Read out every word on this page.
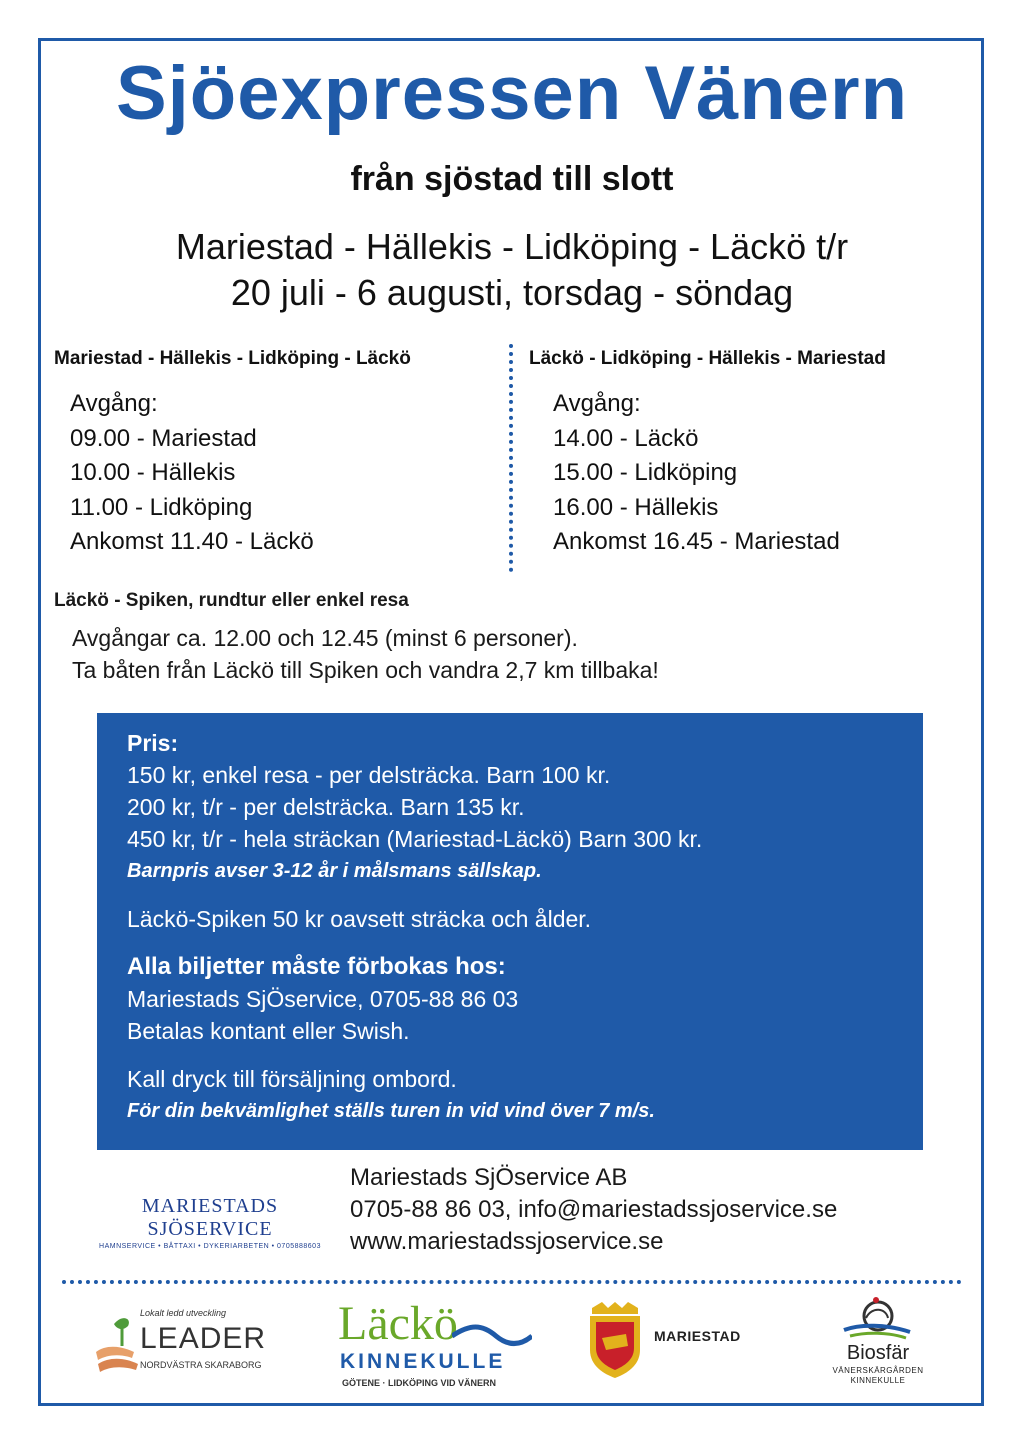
Sjöexpressen Vänern
från sjöstad till slott
Mariestad - Hällekis - Lidköping - Läckö t/r
20 juli - 6 augusti, torsdag - söndag
Mariestad - Hällekis - Lidköping - Läckö
Avgång:
09.00 - Mariestad
10.00 - Hällekis
11.00 - Lidköping
Ankomst 11.40 - Läckö
Läckö - Lidköping - Hällekis - Mariestad
Avgång:
14.00 - Läckö
15.00 - Lidköping
16.00 - Hällekis
Ankomst 16.45 - Mariestad
Läckö - Spiken, rundtur eller enkel resa
Avgångar ca. 12.00 och 12.45 (minst 6 personer).
Ta båten från Läckö till Spiken och vandra 2,7 km tillbaka!
Pris:
150 kr, enkel resa - per delsträcka. Barn 100 kr.
200 kr, t/r - per delsträcka. Barn 135 kr.
450 kr, t/r - hela sträckan (Mariestad-Läckö) Barn 300 kr.
Barnpris avser 3-12 år i målsmans sällskap.
Läckö-Spiken 50 kr oavsett sträcka och ålder.
Alla biljetter måste förbokas hos:
Mariestads SjÖservice, 0705-88 86 03
Betalas kontant eller Swish.
Kall dryck till försäljning ombord.
För din bekvämlighet ställs turen in vid vind över 7 m/s.
MARIESTADS SJÖSERVICE
HAMNSERVICE • BÅTTAXI • DYKERIARBETEN • 0705888603
Mariestads SjÖservice AB
0705-88 86 03, info@mariestadssjoservice.se
www.mariestadssjoservice.se
Lokalt ledd utveckling
LEADER
NORDVÄSTRA SKARABORG
Läckö
KINNEKULLE
GÖTENE · LIDKÖPING VID VÄNERN
MARIESTAD
Biosfär
VÄNERSKÄRGÅRDEN
KINNEKULLE
